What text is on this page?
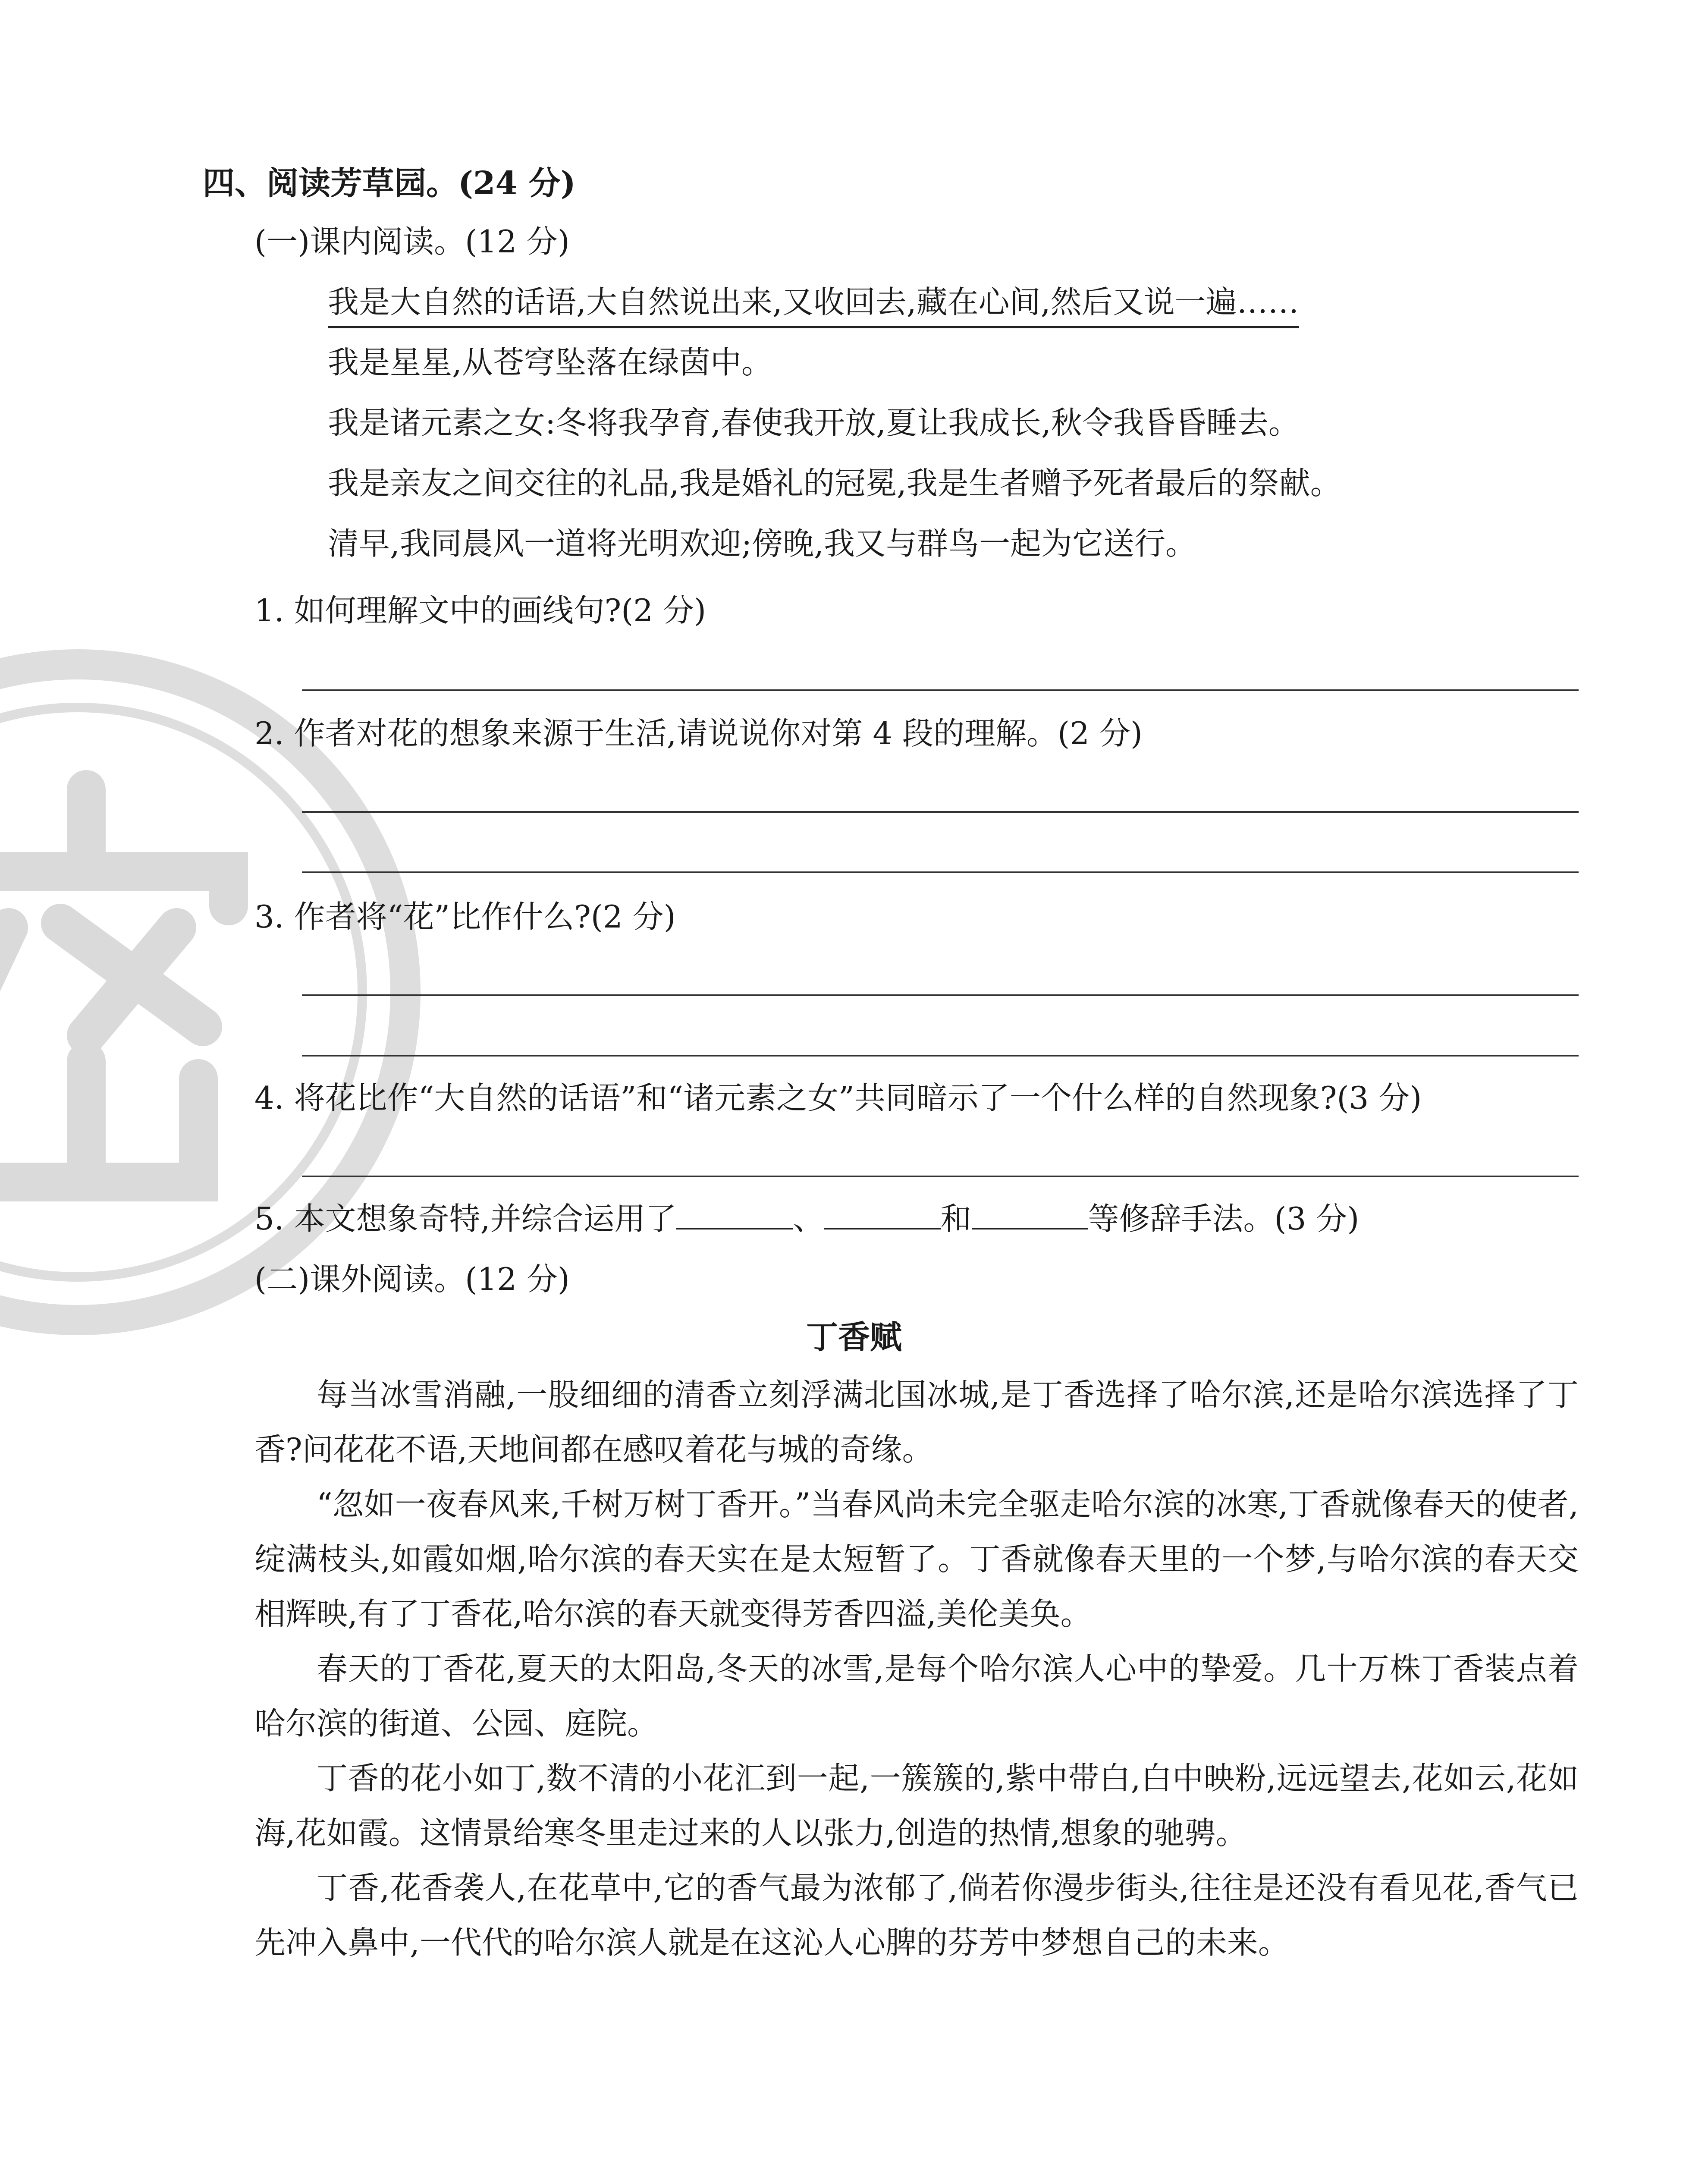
四、阅读芳草园。(24 分)
(一)课内阅读。(12 分)
我是大自然的话语,大自然说出来,又收回去,藏在心间,然后又说一遍……
我是星星,从苍穹坠落在绿茵中。
我是诸元素之女:冬将我孕育,春使我开放,夏让我成长,秋令我昏昏睡去。
我是亲友之间交往的礼品,我是婚礼的冠冕,我是生者赠予死者最后的祭献。
清早,我同晨风一道将光明欢迎;傍晚,我又与群鸟一起为它送行。
1. 如何理解文中的画线句?(2 分)
2. 作者对花的想象来源于生活,请说说你对第 4 段的理解。(2 分)
3. 作者将“花”比作什么?(2 分)
4. 将花比作“大自然的话语”和“诸元素之女”共同暗示了一个什么样的自然现象?(3 分)
5. 本文想象奇特,并综合运用了	、	和	等修辞手法。(3 分)
(二)课外阅读。(12 分)
丁香赋

每当冰雪消融,一股细细的清香立刻浮满北国冰城,是丁香选择了哈尔滨,还是哈尔滨选择了丁香?问花花不语,天地间都在感叹着花与城的奇缘。

“忽如一夜春风来,千树万树丁香开。”当春风尚未完全驱走哈尔滨的冰寒,丁香就像春天的使者,绽满枝头,如霞如烟,哈尔滨的春天实在是太短暂了。丁香就像春天里的一个梦,与哈尔滨的春天交相辉映,有了丁香花,哈尔滨的春天就变得芳香四溢,美伦美奂。

春天的丁香花,夏天的太阳岛,冬天的冰雪,是每个哈尔滨人心中的挚爱。几十万株丁香装点着哈尔滨的街道、公园、庭院。

丁香的花小如丁,数不清的小花汇到一起,一簇簇的,紫中带白,白中映粉,远远望去,花如云,花如海,花如霞。这情景给寒冬里走过来的人以张力,创造的热情,想象的驰骋。

丁香,花香袭人,在花草中,它的香气最为浓郁了,倘若你漫步街头,往往是还没有看见花,香气已先冲入鼻中,一代代的哈尔滨人就是在这沁人心脾的芬芳中梦想自己的未来。
